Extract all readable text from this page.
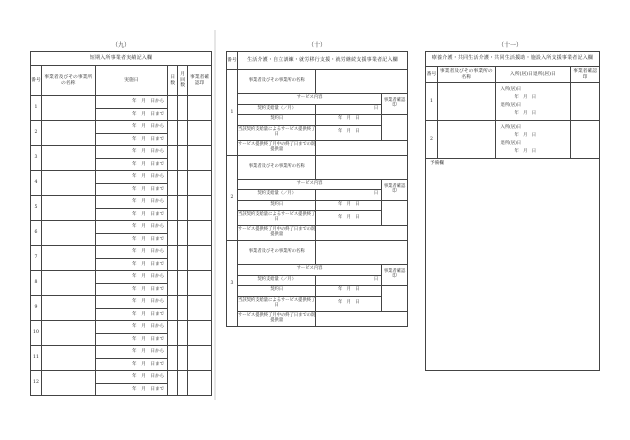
（九）
短期入所事業者実績記入欄					
番号	事業者及びその事業所の名称	実施日	日数	月回数	事業者確認印
1		年　月　日から			
		年　月　日まで			
2		年　月　日から			
		年　月　日まで			
3		年　月　日から			
		年　月　日まで			
4		年　月　日から			
		年　月　日まで			
5		年　月　日から			
		年　月　日まで			
6		年　月　日から			
		年　月　日まで			
7		年　月　日から			
		年　月　日まで			
8		年　月　日から			
		年　月　日まで			
9		年　月　日から			
		年　月　日まで			
10		年　月　日から			
		年　月　日まで			
11		年　月　日から			
		年　月　日まで			
12		年　月　日から			
		年　月　日まで			
（十）
番号	生活介護・自立訓練・就労移行支援・就労継続支援事業者記入欄		
1	事業者及びその事業所の名称		
	サービス内容		事業者確認印
	契約支給量（／月）	日	
	契約日	年　月　日	
	当該契約支給量によるサービス提供終了日	年　月　日	
	サービス提供終了月中の終了日までの既提供量		
2	事業者及びその事業所の名称		
	サービス内容		事業者確認印
	契約支給量（／月）	日	
	契約日	年　月　日	
	当該契約支給量によるサービス提供終了日	年　月　日	
	サービス提供終了月中の終了日までの既提供量		
3	事業者及びその事業所の名称		
	サービス内容		事業者確認印
	契約支給量（／月）	日	
	契約日	年　月　日	
	当該契約支給量によるサービス提供終了日	年　月　日	
	サービス提供終了月中の終了日までの既提供量		
（十一）
療養介護・共同生活介護・共同生活援助・施設入所支援事業者記入欄			
番号	事業者及びその事業所の名称	入所(居)日退所(居)日	事業者確認印
1		入所(居)日
年　月　日
退所(居)日
年　月　日	

2		入所(居)日
年　月　日
退所(居)日
年　月　日	

予備欄			
